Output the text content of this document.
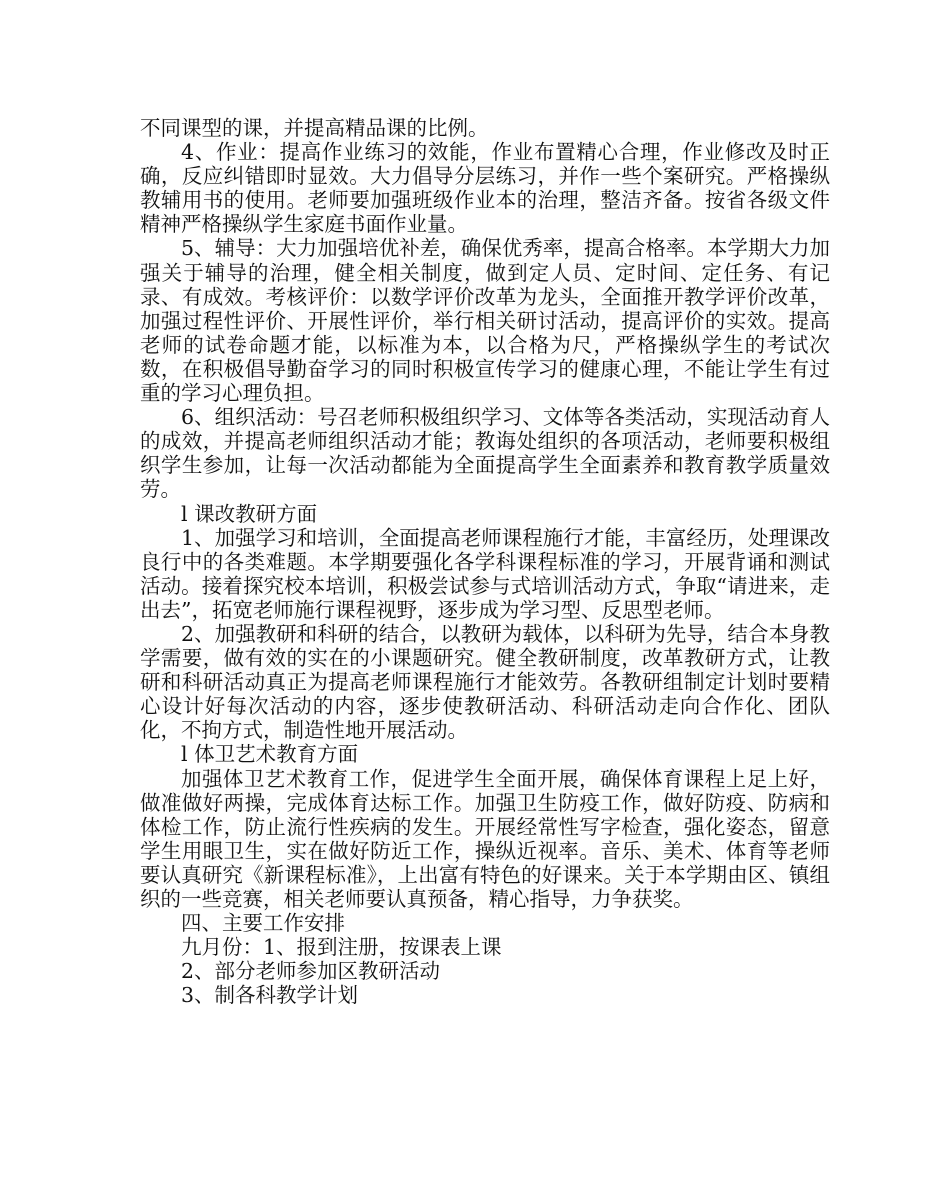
不同课型的课，并提高精品课的比例。

4、作业：提高作业练习的效能，作业布置精心合理，作业修改及时正确，反应纠错即时显效。大力倡导分层练习，并作一些个案研究。严格操纵教辅用书的使用。老师要加强班级作业本的治理，整洁齐备。按省各级文件精神严格操纵学生家庭书面作业量。

5、辅导：大力加强培优补差，确保优秀率，提高合格率。本学期大力加强关于辅导的治理，健全相关制度，做到定人员、定时间、定任务、有记录、有成效。考核评价：以数学评价改革为龙头，全面推开教学评价改革，加强过程性评价、开展性评价，举行相关研讨活动，提高评价的实效。提高老师的试卷命题才能，以标准为本，以合格为尺，严格操纵学生的考试次数，在积极倡导勤奋学习的同时积极宣传学习的健康心理，不能让学生有过重的学习心理负担。

6、组织活动：号召老师积极组织学习、文体等各类活动，实现活动育人的成效，并提高老师组织活动才能；教诲处组织的各项活动，老师要积极组织学生参加，让每一次活动都能为全面提高学生全面素养和教育教学质量效劳。

l 课改教研方面

1、加强学习和培训，全面提高老师课程施行才能，丰富经历，处理课改良行中的各类难题。本学期要强化各学科课程标准的学习，开展背诵和测试活动。接着探究校本培训，积极尝试参与式培训活动方式，争取“请进来，走出去”，拓宽老师施行课程视野，逐步成为学习型、反思型老师。

2、加强教研和科研的结合，以教研为载体，以科研为先导，结合本身教学需要，做有效的实在的小课题研究。健全教研制度，改革教研方式，让教研和科研活动真正为提高老师课程施行才能效劳。各教研组制定计划时要精心设计好每次活动的内容，逐步使教研活动、科研活动走向合作化、团队化，不拘方式，制造性地开展活动。

l 体卫艺术教育方面

加强体卫艺术教育工作，促进学生全面开展，确保体育课程上足上好，做准做好两操，完成体育达标工作。加强卫生防疫工作，做好防疫、防病和体检工作，防止流行性疾病的发生。开展经常性写字检查，强化姿态，留意学生用眼卫生，实在做好防近工作，操纵近视率。音乐、美术、体育等老师要认真研究《新课程标准》，上出富有特色的好课来。关于本学期由区、镇组织的一些竞赛，相关老师要认真预备，精心指导，力争获奖。

四、主要工作安排

九月份：1、报到注册，按课表上课

2、部分老师参加区教研活动

3、制各科教学计划
